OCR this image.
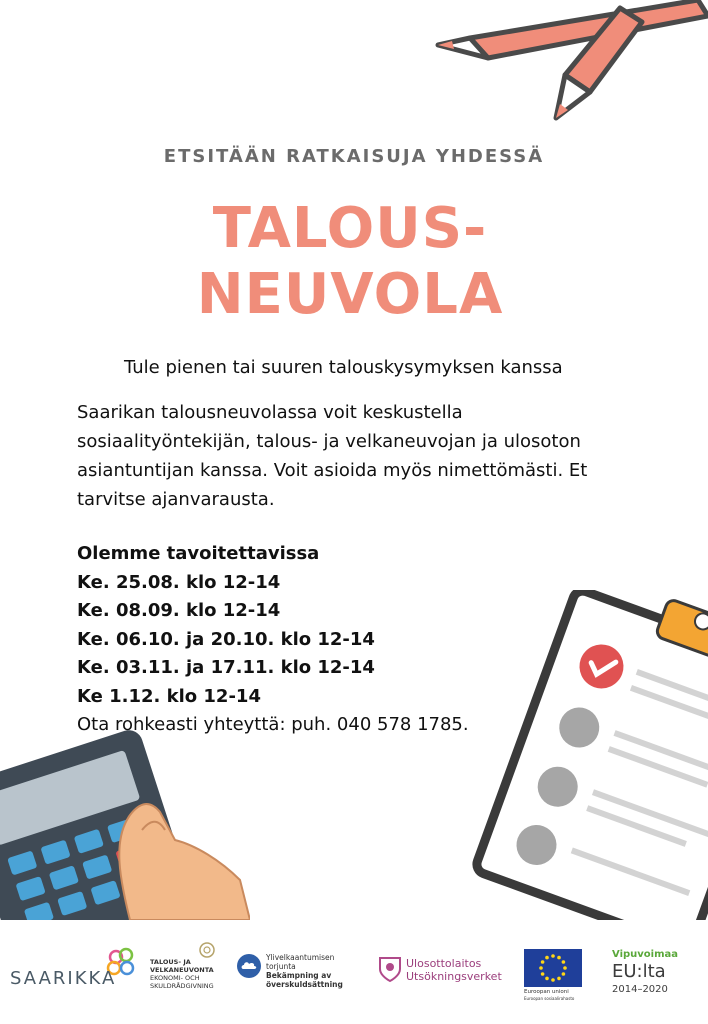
ETSITÄÄN RATKAISUJA YHDESSÄ
TALOUS-
NEUVOLA
Tule pienen tai suuren talouskysymyksen kanssa
Saarikan talousneuvolassa voit keskustella sosiaalityöntekijän, talous- ja velkaneuvojan ja ulosoton asiantuntijan kanssa. Voit asioida myös nimettömästi. Et tarvitse ajanvarausta.
Olemme tavoitettavissa
Ke. 25.08. klo 12-14
Ke. 08.09. klo 12-14
Ke. 06.10. ja 20.10. klo 12-14
Ke. 03.11. ja 17.11. klo 12-14
Ke 1.12. klo 12-14
Ota rohkeasti yhteyttä: puh. 040 578 1785.
SAARIKKA
TALOUS- JA
VELKANEUVONTA
EKONOMI- OCH
SKULDRÅDGIVNING
Ylivelkaantumisen
torjunta
Bekämpning av
överskuldsättning
Ulosottolaitos
Utsökningsverket
Euroopan unioni
Euroopan sosiaalirahasto
Vipuvoimaa
EU:lta
2014–2020
